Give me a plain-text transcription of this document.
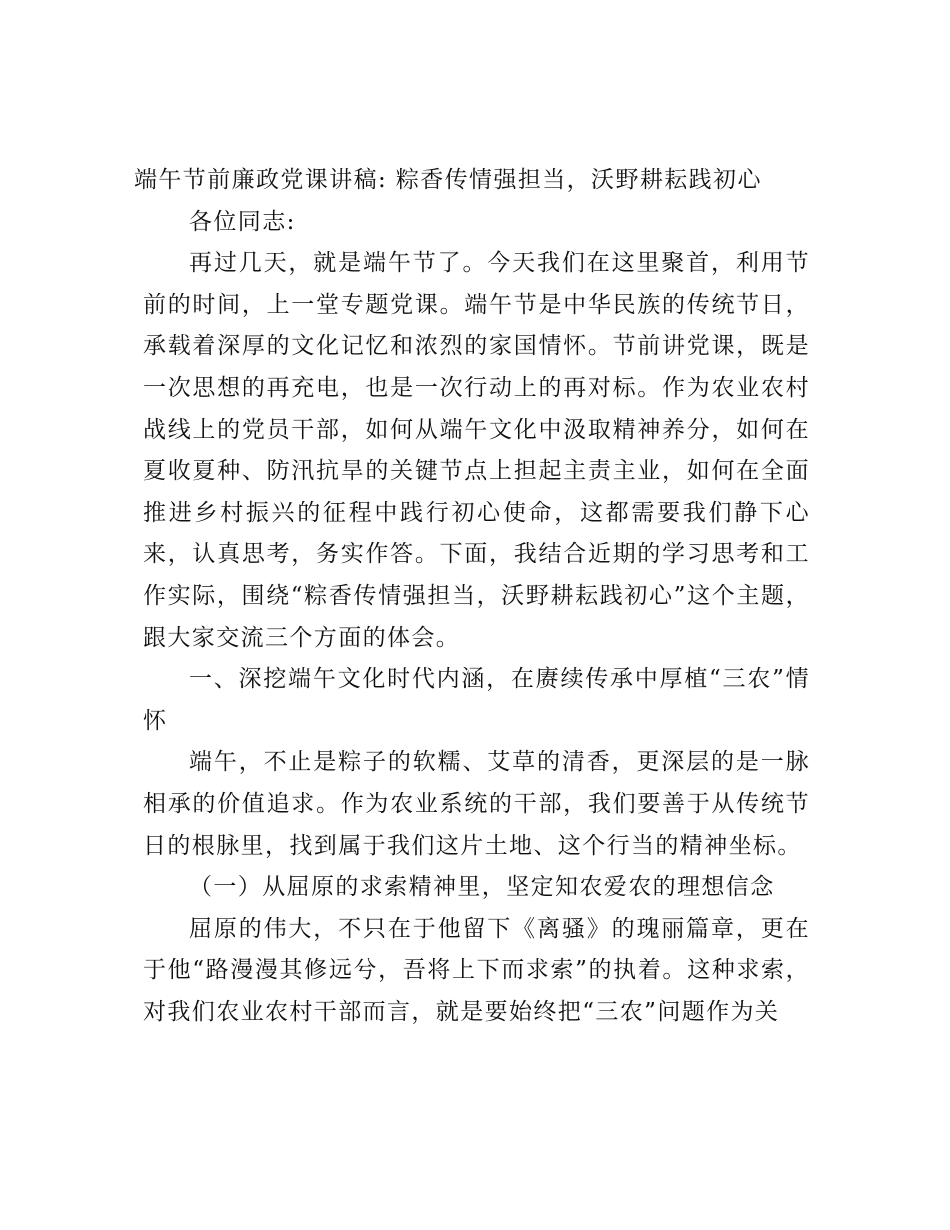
端午节前廉政党课讲稿: 粽香传情强担当，沃野耕耘践初心

各位同志:

再过几天，就是端午节了。今天我们在这里聚首，利用节前的时间，上一堂专题党课。端午节是中华民族的传统节日，承载着深厚的文化记忆和浓烈的家国情怀。节前讲党课，既是一次思想的再充电，也是一次行动上的再对标。作为农业农村战线上的党员干部，如何从端午文化中汲取精神养分，如何在夏收夏种、防汛抗旱的关键节点上担起主责主业，如何在全面推进乡村振兴的征程中践行初心使命，这都需要我们静下心来，认真思考，务实作答。下面，我结合近期的学习思考和工作实际，围绕“粽香传情强担当，沃野耕耘践初心”这个主题，跟大家交流三个方面的体会。

一、深挖端午文化时代内涵，在赓续传承中厚植“三农”情怀

端午，不止是粽子的软糯、艾草的清香，更深层的是一脉相承的价值追求。作为农业系统的干部，我们要善于从传统节日的根脉里，找到属于我们这片土地、这个行当的精神坐标。

（一）从屈原的求索精神里，坚定知农爱农的理想信念

屈原的伟大，不只在于他留下《离骚》的瑰丽篇章，更在于他“路漫漫其修远兮，吾将上下而求索”的执着。这种求索，对我们农业农村干部而言，就是要始终把“三农”问题作为关
